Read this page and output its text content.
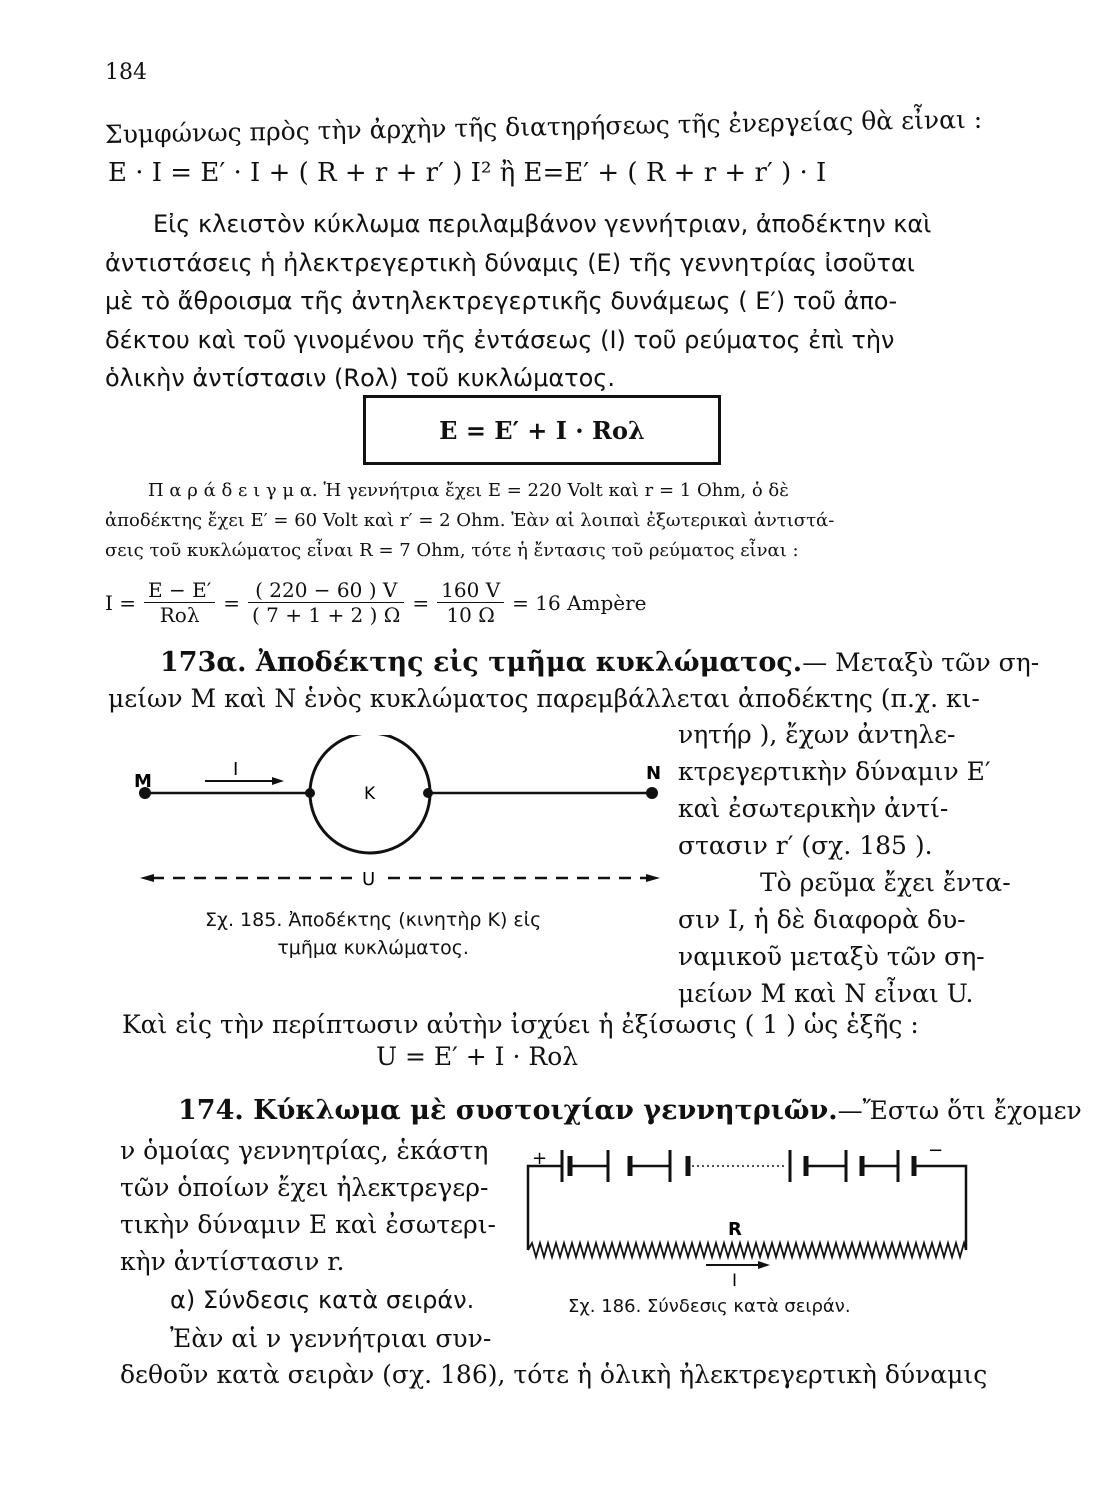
184
Συμφώνως πρὸς τὴν ἀρχὴν τῆς διατηρήσεως τῆς ἐνεργείας θὰ εἶναι :
E · I = E′ · I + ( R + r + r′ ) I² ἢ E=E′ + ( R + r + r′ ) · I
Εἰς κλειστὸν κύκλωμα περιλαμβάνον γεννήτριαν, ἀποδέκτην καὶ
ἀντιστάσεις ἡ ἠλεκτρεγερτικὴ δύναμις (E) τῆς γεννητρίας ἰσοῦται
μὲ τὸ ἄθροισμα τῆς ἀντηλεκτρεγερτικῆς δυνάμεως ( E′) τοῦ ἀπο-
δέκτου καὶ τοῦ γινομένου τῆς ἐντάσεως (I) τοῦ ρεύματος ἐπὶ τὴν
ὁλικὴν ἀντίστασιν (Rολ) τοῦ κυκλώματος.
E = E′ + I · Rολ
Π α ρ ά δ ε ι γ μ α. Ἡ γεννήτρια ἔχει E = 220 Volt καὶ r = 1 Ohm, ὁ δὲ
ἀποδέκτης ἔχει E′ = 60 Volt καὶ r′ = 2 Ohm. Ἐὰν αἱ λοιπαὶ ἐξωτερικαὶ ἀντιστά-
σεις τοῦ κυκλώματος εἶναι R = 7 Ohm, τότε ἡ ἔντασις τοῦ ρεύματος εἶναι :
$I = \frac{E - E'}{\text{Rολ}} = \frac{( 220 - 60 ) V}{( 7 + 1 + 2 ) \Omega} = \frac{160 V}{10 \Omega} = 16$ Ampère
173α. Ἀποδέκτης εἰς τμῆμα κυκλώματος.— Μεταξὺ τῶν ση-
μείων M καὶ N ἑνὸς κυκλώματος παρεμβάλλεται ἀποδέκτης (π.χ. κι-
νητήρ ), ἔχων ἀντηλε-
κτρεγερτικὴν δύναμιν E′
καὶ ἐσωτερικὴν ἀντί-
στασιν r′ (σχ. 185 ).
Τὸ ρεῦμα ἔχει ἔντα-
σιν I, ἡ δὲ διαφορὰ δυ-
ναμικοῦ μεταξὺ τῶν ση-
μείων M καὶ N εἶναι U.
M	N
I
K
U
Σχ. 185. Ἀποδέκτης (κινητὴρ K) εἰς
τμῆμα κυκλώματος.
Καὶ εἰς τὴν περίπτωσιν αὐτὴν ἰσχύει ἡ ἐξίσωσις ( 1 ) ὡς ἑξῆς :
U = E′ + I · Rολ
174. Κύκλωμα μὲ συστοιχίαν γεννητριῶν.—Ἔστω ὅτι ἔχομεν
ν ὁμοίας γεννητρίας, ἑκάστη
τῶν ὁποίων ἔχει ἠλεκτρεγερ-
τικὴν δύναμιν E καὶ ἐσωτερι-
κὴν ἀντίστασιν r.
α) Σύνδεσις κατὰ σειράν.
Ἐὰν αἱ ν γεννήτριαι συν-
δεθοῦν κατὰ σειρὰν (σχ. 186), τότε ἡ ὁλικὴ ἠλεκτρεγερτικὴ δύναμις
+	−
R
I
Σχ. 186. Σύνδεσις κατὰ σειράν.
